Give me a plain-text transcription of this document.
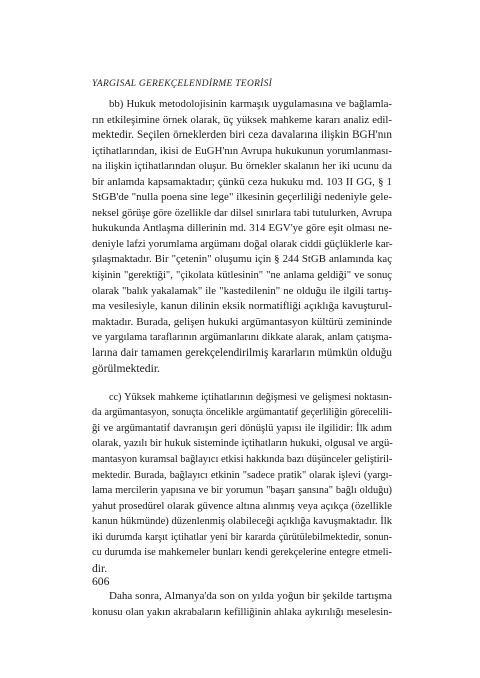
YARGISAL GEREKÇELENDİRME TEORİSİ
bb) Hukuk metodolojisinin karmaşık uygulamasına ve bağlamla-
rın etkileşimine örnek olarak, üç yüksek mahkeme kararı analiz edil-
mektedir. Seçilen örneklerden biri ceza davalarına ilişkin BGH'nın
içtihatlarından, ikisi de EuGH'nın Avrupa hukukunun yorumlanması-
na ilişkin içtihatlarından oluşur. Bu örnekler skalanın her iki ucunu da
bir anlamda kapsamaktadır; çünkü ceza hukuku md. 103 II GG, § 1
StGB'de "nulla poena sine lege" ilkesinin geçerliliği nedeniyle gele-
neksel görüşe göre özellikle dar dilsel sınırlara tabi tutulurken, Avrupa
hukukunda Antlaşma dillerinin md. 314 EGV'ye göre eşit olması ne-
deniyle lafzi yorumlama argümanı doğal olarak ciddi güçlüklerle kar-
şılaşmaktadır. Bir "çetenin" oluşumu için § 244 StGB anlamında kaç
kişinin "gerektiği", "çikolata kütlesinin" "ne anlama geldiği" ve sonuç
olarak "balık yakalamak" ile "kastedilenin" ne olduğu ile ilgili tartış-
ma vesilesiyle, kanun dilinin eksik normatifliği açıklığa kavuşturul-
maktadır. Burada, gelişen hukuki argümantasyon kültürü zemininde
ve yargılama taraflarının argümanlarını dikkate alarak, anlam çatışma-
larına dair tamamen gerekçelendirilmiş kararların mümkün olduğu
görülmektedir.
cc) Yüksek mahkeme içtihatlarının değişmesi ve gelişmesi noktasın-
da argümantasyon, sonuçta öncelikle argümantatif geçerliliğin görecelili-
ği ve argümantatif davranışın geri dönüşlü yapısı ile ilgilidir: İlk adım
olarak, yazılı bir hukuk sisteminde içtihatların hukuki, olgusal ve argü-
mantasyon kuramsal bağlayıcı etkisi hakkında bazı düşünceler geliştiril-
mektedir. Burada, bağlayıcı etkinin "sadece pratik" olarak işlevi (yargı-
lama mercilerin yapısına ve bir yorumun "başarı şansına" bağlı olduğu)
yahut prosedürel olarak güvence altına alınmış veya açıkça (özellikle
kanun hükmünde) düzenlenmiş olabileceği açıklığa kavuşmaktadır. İlk
iki durumda karşıt içtihatlar yeni bir kararda çürütülebilmektedir, sonun-
cu durumda ise mahkemeler bunları kendi gerekçelerine entegre etmeli-
dir.
Daha sonra, Almanya'da son on yılda yoğun bir şekilde tartışma
konusu olan yakın akrabaların kefilliğinin ahlaka aykırılığı meselesin-
606
